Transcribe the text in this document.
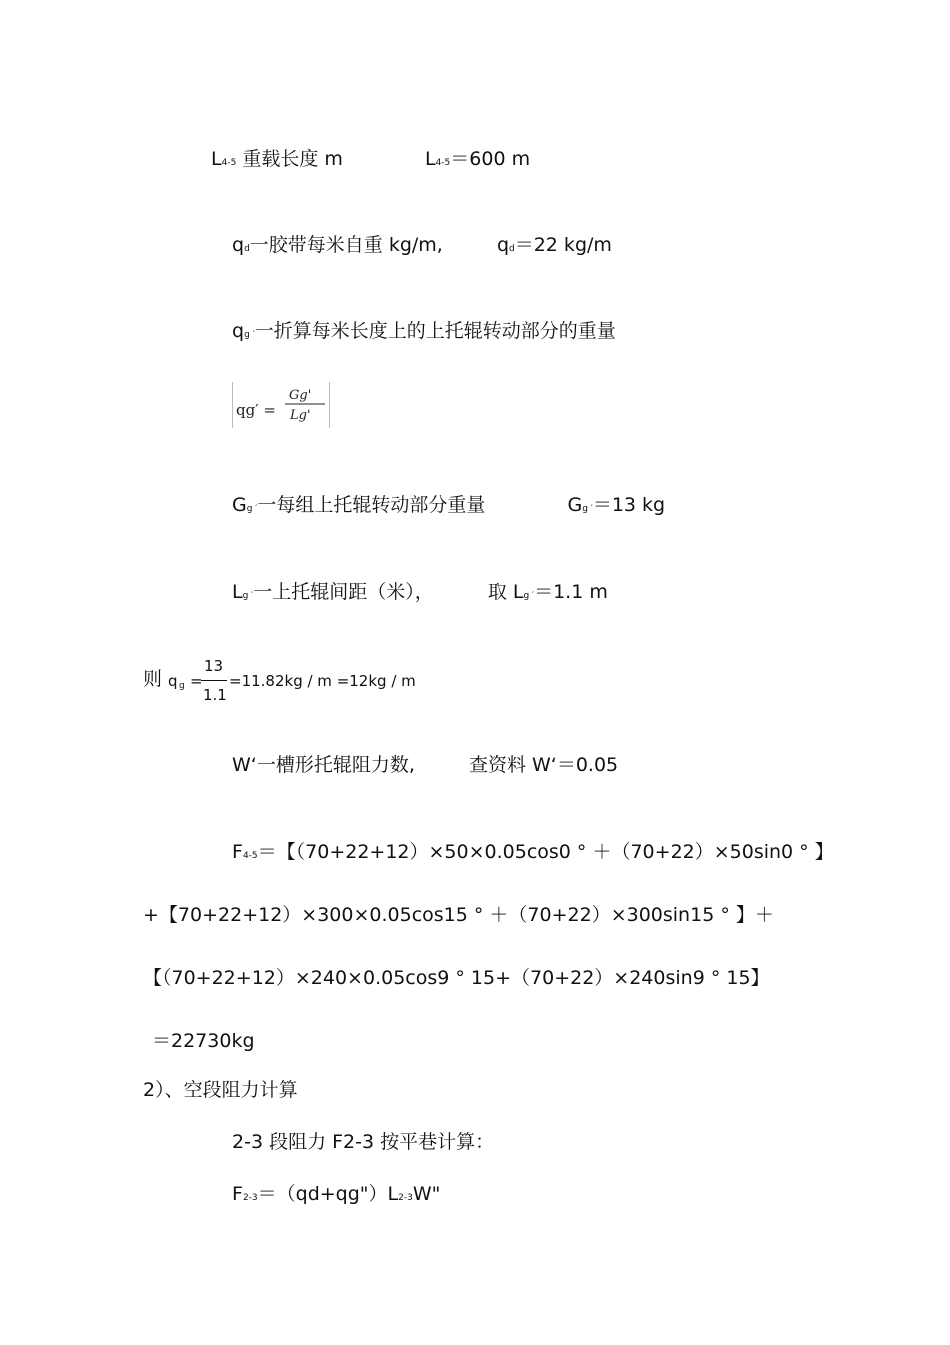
L4-5 重载长度 m	L4-5＝600 m
qd一胶带每米自重 kg/m,	qd＝22 kg/m
qg ′一折算每米长度上的上托辊转动部分的重量
qg′ =
Gg'
Lg'
Gg ′一每组上托辊转动部分重量	Gg ′＝13 kg
Lg ′一上托辊间距（米），	取 Lg ′＝1.1 m
则 q g =
13
1.1
=11.82kg / m =12kg / m
W‘一槽形托辊阻力数,	查资料 W‘＝0.05
F4-5＝【（70+22+12）×50×0.05cos0 ° ＋（70+22）×50sin0 ° 】
+【70+22+12）×300×0.05cos15 ° ＋（70+22）×300sin15 ° 】＋
【（70+22+12）×240×0.05cos9 ° 15+（70+22）×240sin9 ° 15】
＝22730kg
2）、空段阻力计算
2-3 段阻力 F2-3 按平巷计算：
F2-3＝（qd+qg"）L2-3W"
